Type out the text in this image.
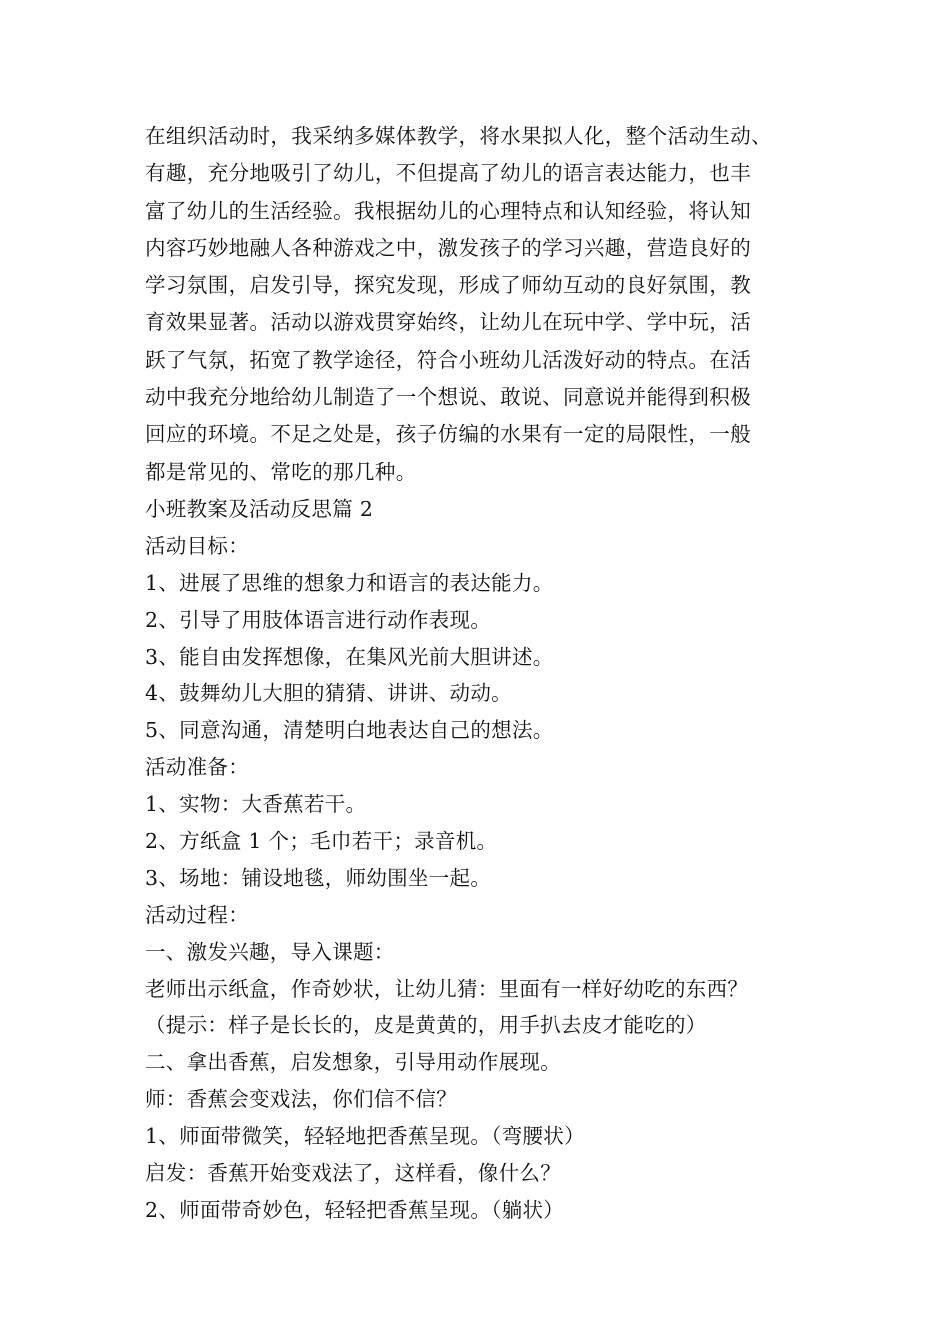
在组织活动时，我采纳多媒体教学，将水果拟人化，整个活动生动、

有趣，充分地吸引了幼儿，不但提高了幼儿的语言表达能力，也丰

富了幼儿的生活经验。我根据幼儿的心理特点和认知经验，将认知

内容巧妙地融人各种游戏之中，激发孩子的学习兴趣，营造良好的

学习氛围，启发引导，探究发现，形成了师幼互动的良好氛围，教

育效果显著。活动以游戏贯穿始终，让幼儿在玩中学、学中玩，活

跃了气氛，拓宽了教学途径，符合小班幼儿活泼好动的特点。在活

动中我充分地给幼儿制造了一个想说、敢说、同意说并能得到积极

回应的环境。不足之处是，孩子仿编的水果有一定的局限性，一般

都是常见的、常吃的那几种。

小班教案及活动反思篇 2

活动目标：

1、进展了思维的想象力和语言的表达能力。

2、引导了用肢体语言进行动作表现。

3、能自由发挥想像，在集风光前大胆讲述。

4、鼓舞幼儿大胆的猜猜、讲讲、动动。

5、同意沟通，清楚明白地表达自己的想法。

活动准备：

1、实物：大香蕉若干。

2、方纸盒 1 个；毛巾若干；录音机。

3、场地：铺设地毯，师幼围坐一起。

活动过程：

一、激发兴趣，导入课题：

老师出示纸盒，作奇妙状，让幼儿猜：里面有一样好幼吃的东西？

（提示：样子是长长的，皮是黄黄的，用手扒去皮才能吃的）

二、拿出香蕉，启发想象，引导用动作展现。

师：香蕉会变戏法，你们信不信？

1、师面带微笑，轻轻地把香蕉呈现。（弯腰状）

启发：香蕉开始变戏法了，这样看，像什么？

2、师面带奇妙色，轻轻把香蕉呈现。（躺状）
